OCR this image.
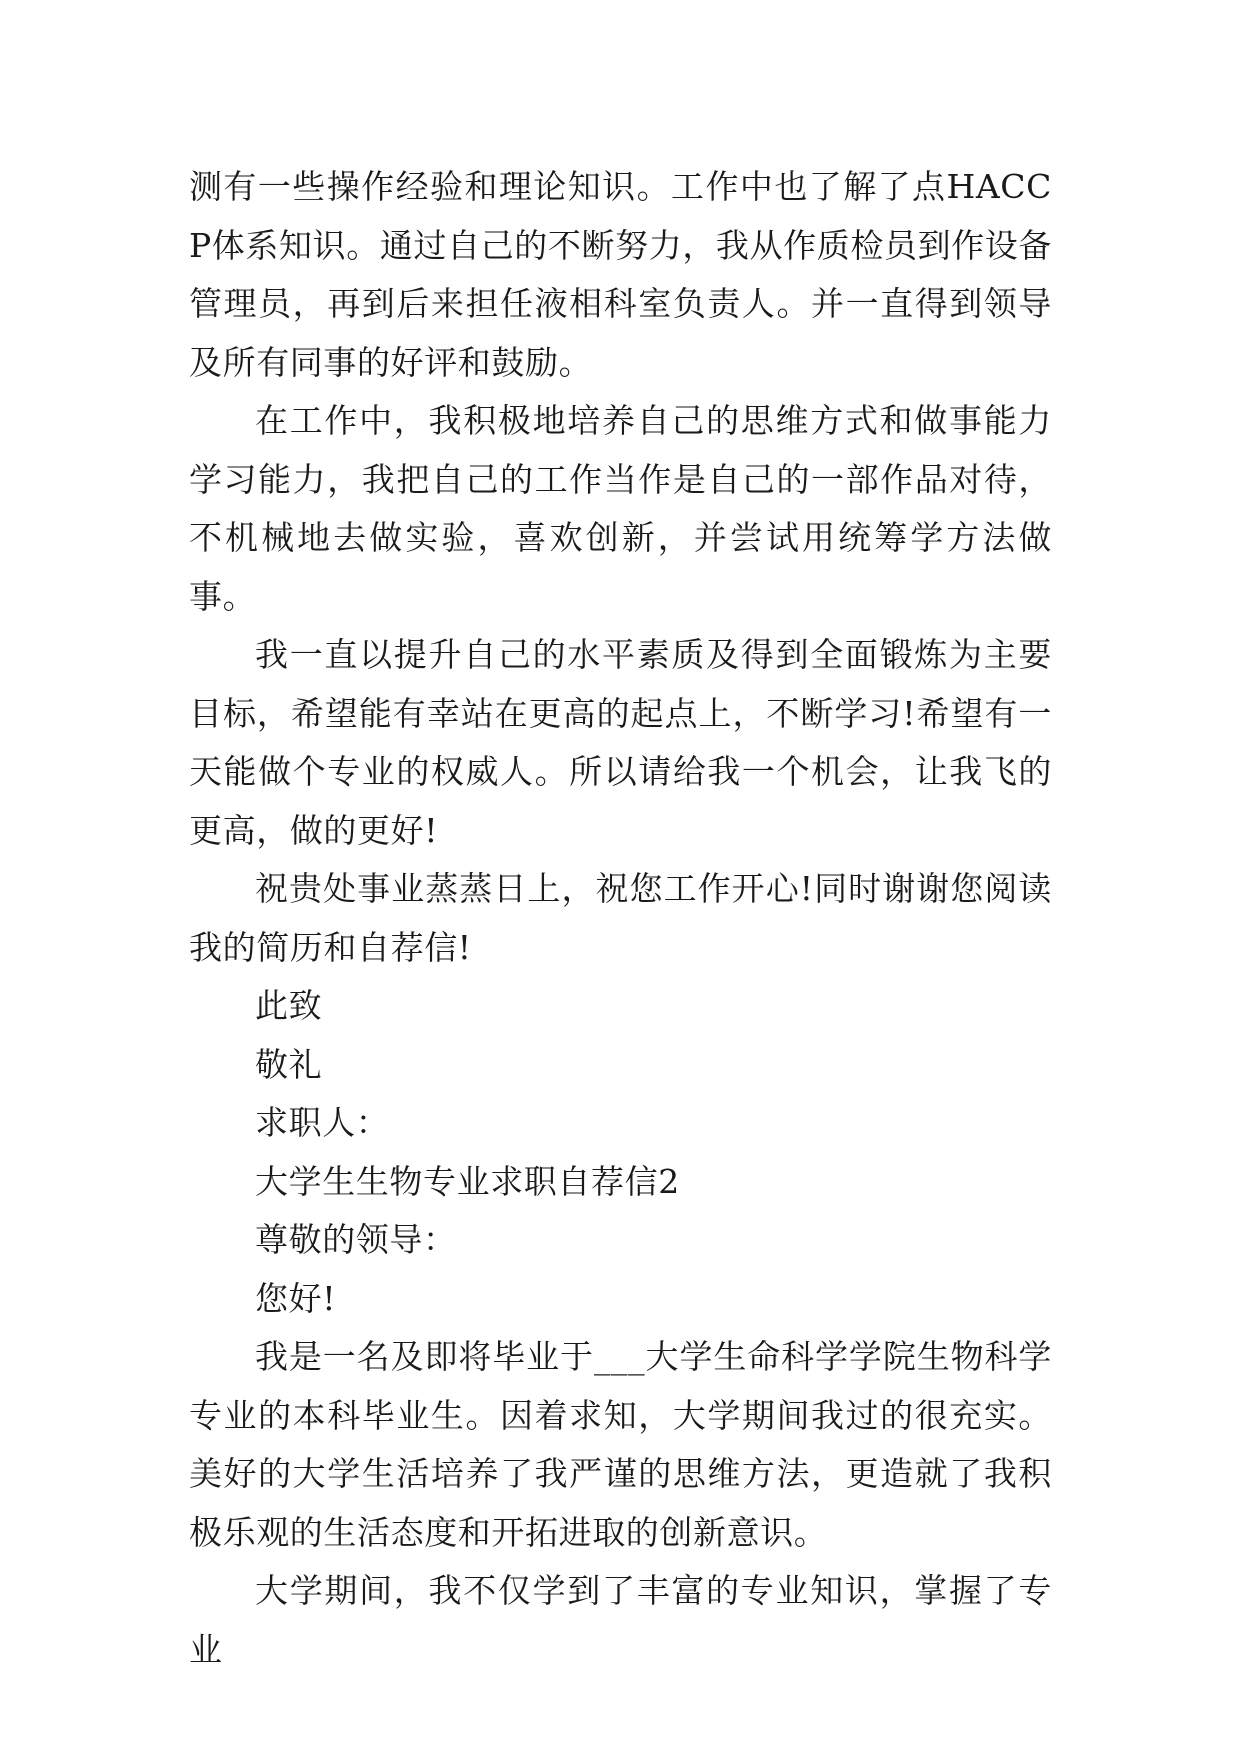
测有一些操作经验和理论知识。工作中也了解了点HACCP体系知识。通过自己的不断努力，我从作质检员到作设备管理员，再到后来担任液相科室负责人。并一直得到领导及所有同事的好评和鼓励。

在工作中，我积极地培养自己的思维方式和做事能力学习能力，我把自己的工作当作是自己的一部作品对待，不机械地去做实验，喜欢创新，并尝试用统筹学方法做事。

我一直以提升自己的水平素质及得到全面锻炼为主要目标，希望能有幸站在更高的起点上，不断学习!希望有一天能做个专业的权威人。所以请给我一个机会，让我飞的更高，做的更好!

祝贵处事业蒸蒸日上，祝您工作开心!同时谢谢您阅读我的简历和自荐信!

此致

敬礼

求职人：

大学生生物专业求职自荐信2

尊敬的领导：

您好!

我是一名及即将毕业于___大学生命科学学院生物科学专业的本科毕业生。因着求知，大学期间我过的很充实。美好的大学生活培养了我严谨的思维方法，更造就了我积极乐观的生活态度和开拓进取的创新意识。

大学期间，我不仅学到了丰富的专业知识，掌握了专业
